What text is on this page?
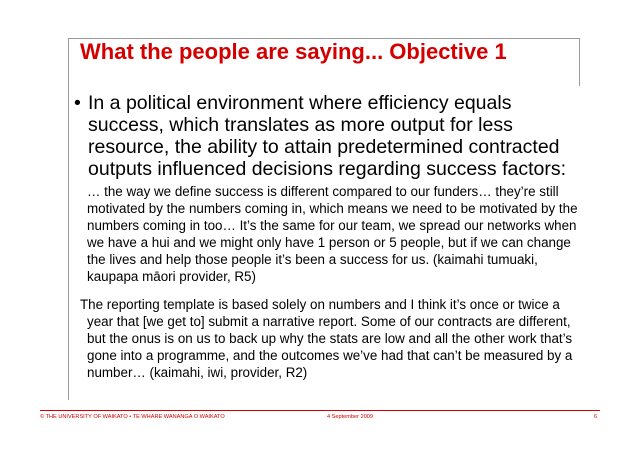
What the people are saying... Objective 1
• In a political environment where efficiency equals success, which translates as more output for less resource, the ability to attain predetermined contracted outputs influenced decisions regarding success factors:
… the way we define success is different compared to our funders… they’re still motivated by the numbers coming in, which means we need to be motivated by the numbers coming in too… It’s the same for our team, we spread our networks when we have a hui and we might only have 1 person or 5 people, but if we can change the lives and help those people it’s been a success for us. (kaimahi tumuaki, kaupapa māori provider, R5)
The reporting template is based solely on numbers and I think it’s once or twice a year that [we get to] submit a narrative report. Some of our contracts are different, but the onus is on us to back up why the stats are low and all the other work that’s gone into a programme, and the outcomes we’ve had that can’t be measured by a number… (kaimahi, iwi, provider, R2)
© THE UNIVERSITY OF WAIKATO • TE WHARE WANANGA O WAIKATO	4 September 2009	6
